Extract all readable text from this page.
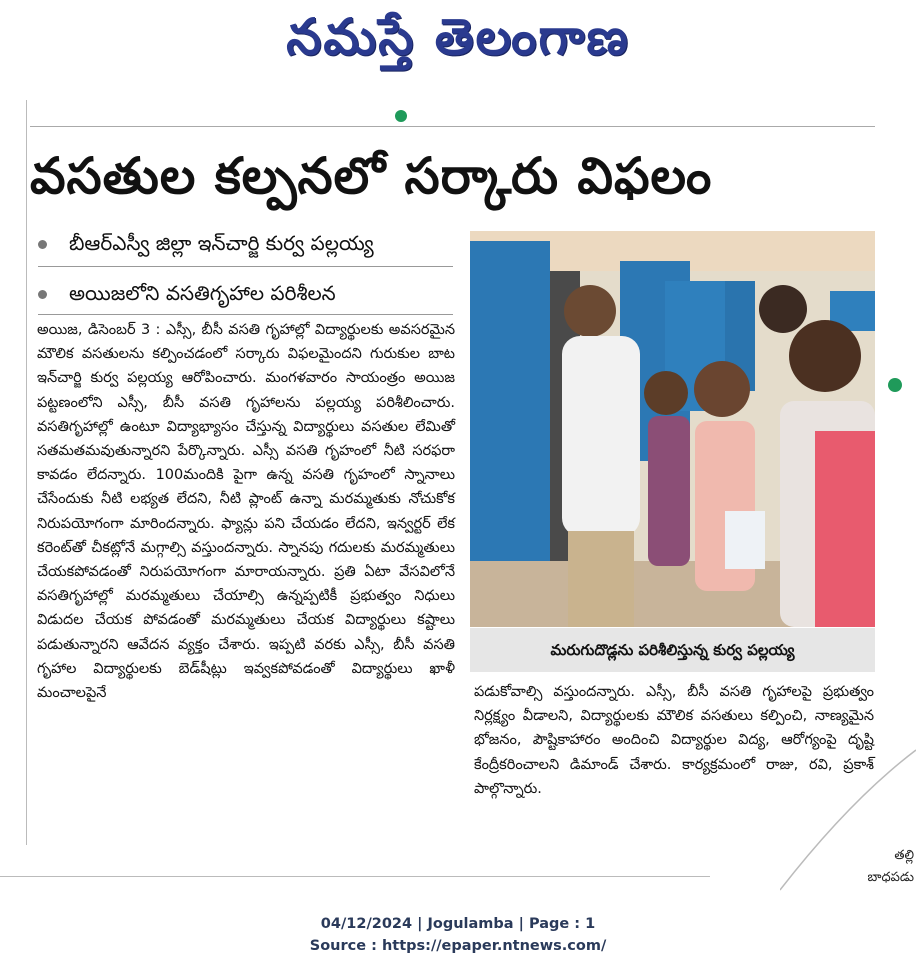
నమస్తే తెలంగాణ
వసతుల కల్పనలో సర్కారు విఫలం
బీఆర్ఎస్వీ జిల్లా ఇన్‌చార్జి కుర్వ పల్లయ్య
అయిజలోని వసతిగృహాల పరిశీలన

అయిజ, డిసెంబర్ 3 : ఎస్సీ, బీసీ వసతి గృహాల్లో విద్యార్థులకు అవసరమైన మౌలిక వసతులను కల్పించడంలో సర్కారు విఫలమైందని గురుకుల బాట ఇన్‌చార్జి కుర్వ పల్లయ్య ఆరోపించారు. మంగళవారం సాయంత్రం అయిజ పట్టణంలోని ఎస్సీ, బీసీ వసతి గృహాలను పల్లయ్య పరిశీలించారు. వసతిగృహాల్లో ఉంటూ విద్యాభ్యాసం చేస్తున్న విద్యార్థులు వసతుల లేమితో సతమతమవుతున్నారని పేర్కొన్నారు. ఎస్సీ వసతి గృహంలో నీటి సరఫరా కావడం లేదన్నారు. 100మందికి పైగా ఉన్న వసతి గృహంలో స్నానాలు చేసేందుకు నీటి లభ్యత లేదని, నీటి ప్లాంట్ ఉన్నా మరమ్మతుకు నోచుకోక నిరుపయోగంగా మారిందన్నారు. ఫ్యాన్లు పని చేయడం లేదని, ఇన్వర్టర్ లేక కరెంట్‌తో చీకట్లోనే మగ్గాల్సి వస్తుందన్నారు. స్నానపు గదులకు మరమ్మతులు చేయకపోవడంతో నిరుపయోగంగా మారాయన్నారు. ప్రతి ఏటా వేసవిలోనే వసతిగృహాల్లో మరమ్మతులు చేయాల్సి ఉన్నప్పటికీ ప్రభుత్వం నిధులు విడుదల చేయక పోవడంతో మరమ్మతులు చేయక విద్యార్థులు కష్టాలు పడుతున్నారని ఆవేదన వ్యక్తం చేశారు. ఇప్పటి వరకు ఎస్సీ, బీసీ వసతి గృహాల విద్యార్థులకు బెడ్‌షీట్లు ఇవ్వకపోవడంతో విద్యార్థులు ఖాళీ మంచాలపైనే

మరుగుదొడ్లను పరిశీలిస్తున్న కుర్వ పల్లయ్య

పడుకోవాల్సి వస్తుందన్నారు. ఎస్సీ, బీసీ వసతి గృహాలపై ప్రభుత్వం నిర్లక్ష్యం వీడాలని, విద్యార్థులకు మౌలిక వసతులు కల్పించి, నాణ్యమైన భోజనం, పౌష్టికాహారం అందించి విద్యార్థుల విద్య, ఆరోగ్యంపై దృష్టి కేంద్రీకరించాలని డిమాండ్ చేశారు. కార్యక్రమంలో రాజు, రవి, ప్రకాశ్ పాల్గొన్నారు.

తల్లి
బాధపడు
04/12/2024 | Jogulamba | Page : 1
Source : https://epaper.ntnews.com/
